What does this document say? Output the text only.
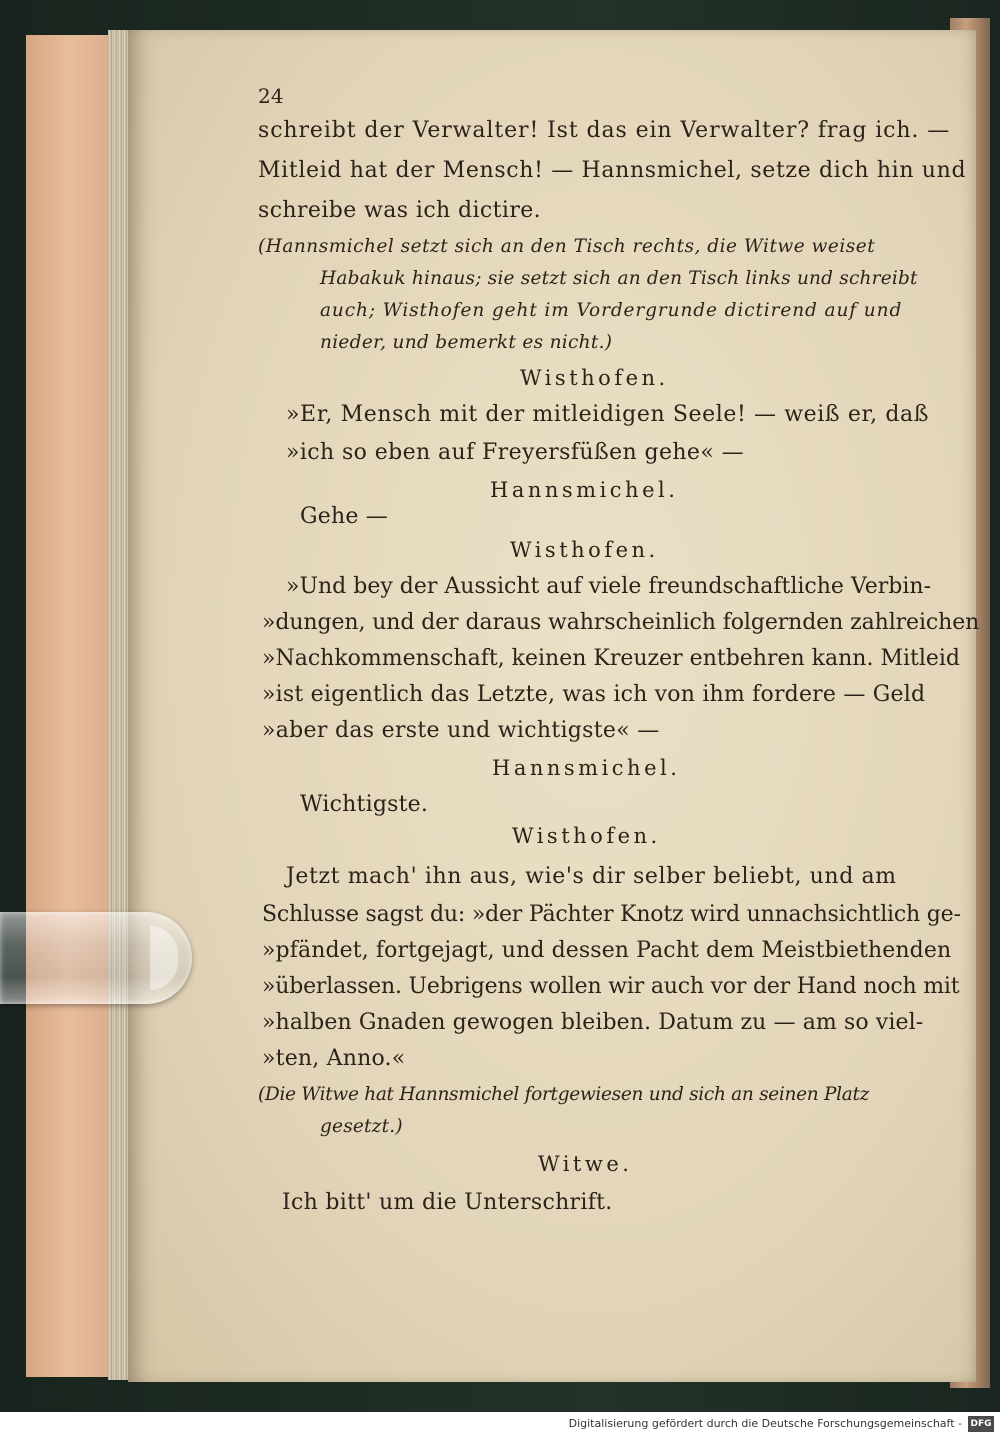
24
schreibt der Verwalter! Ist das ein Verwalter? frag ich. —
Mitleid hat der Mensch! — Hannsmichel, setze dich hin und
schreibe was ich dictire.
(Hannsmichel setzt sich an den Tisch rechts, die Witwe weiset
Habakuk hinaus; sie setzt sich an den Tisch links und schreibt
auch; Wisthofen geht im Vordergrunde dictirend auf und
nieder, und bemerkt es nicht.)
Wisthofen.
»Er, Mensch mit der mitleidigen Seele! — weiß er, daß
»ich so eben auf Freyersfüßen gehe« —
Hannsmichel.
Gehe —
Wisthofen.
»Und bey der Aussicht auf viele freundschaftliche Verbin-
»dungen, und der daraus wahrscheinlich folgernden zahlreichen
»Nachkommenschaft, keinen Kreuzer entbehren kann. Mitleid
»ist eigentlich das Letzte, was ich von ihm fordere — Geld
»aber das erste und wichtigste« —
Hannsmichel.
Wichtigste.
Wisthofen.
Jetzt mach' ihn aus, wie's dir selber beliebt, und am
Schlusse sagst du: »der Pächter Knotz wird unnachsichtlich ge-
»pfändet, fortgejagt, und dessen Pacht dem Meistbiethenden
»überlassen. Uebrigens wollen wir auch vor der Hand noch mit
»halben Gnaden gewogen bleiben. Datum zu — am so viel-
»ten, Anno.«
(Die Witwe hat Hannsmichel fortgewiesen und sich an seinen Platz
gesetzt.)
Witwe.
Ich bitt' um die Unterschrift.
Digitalisierung gefördert durch die Deutsche Forschungsgemeinschaft - DFG
